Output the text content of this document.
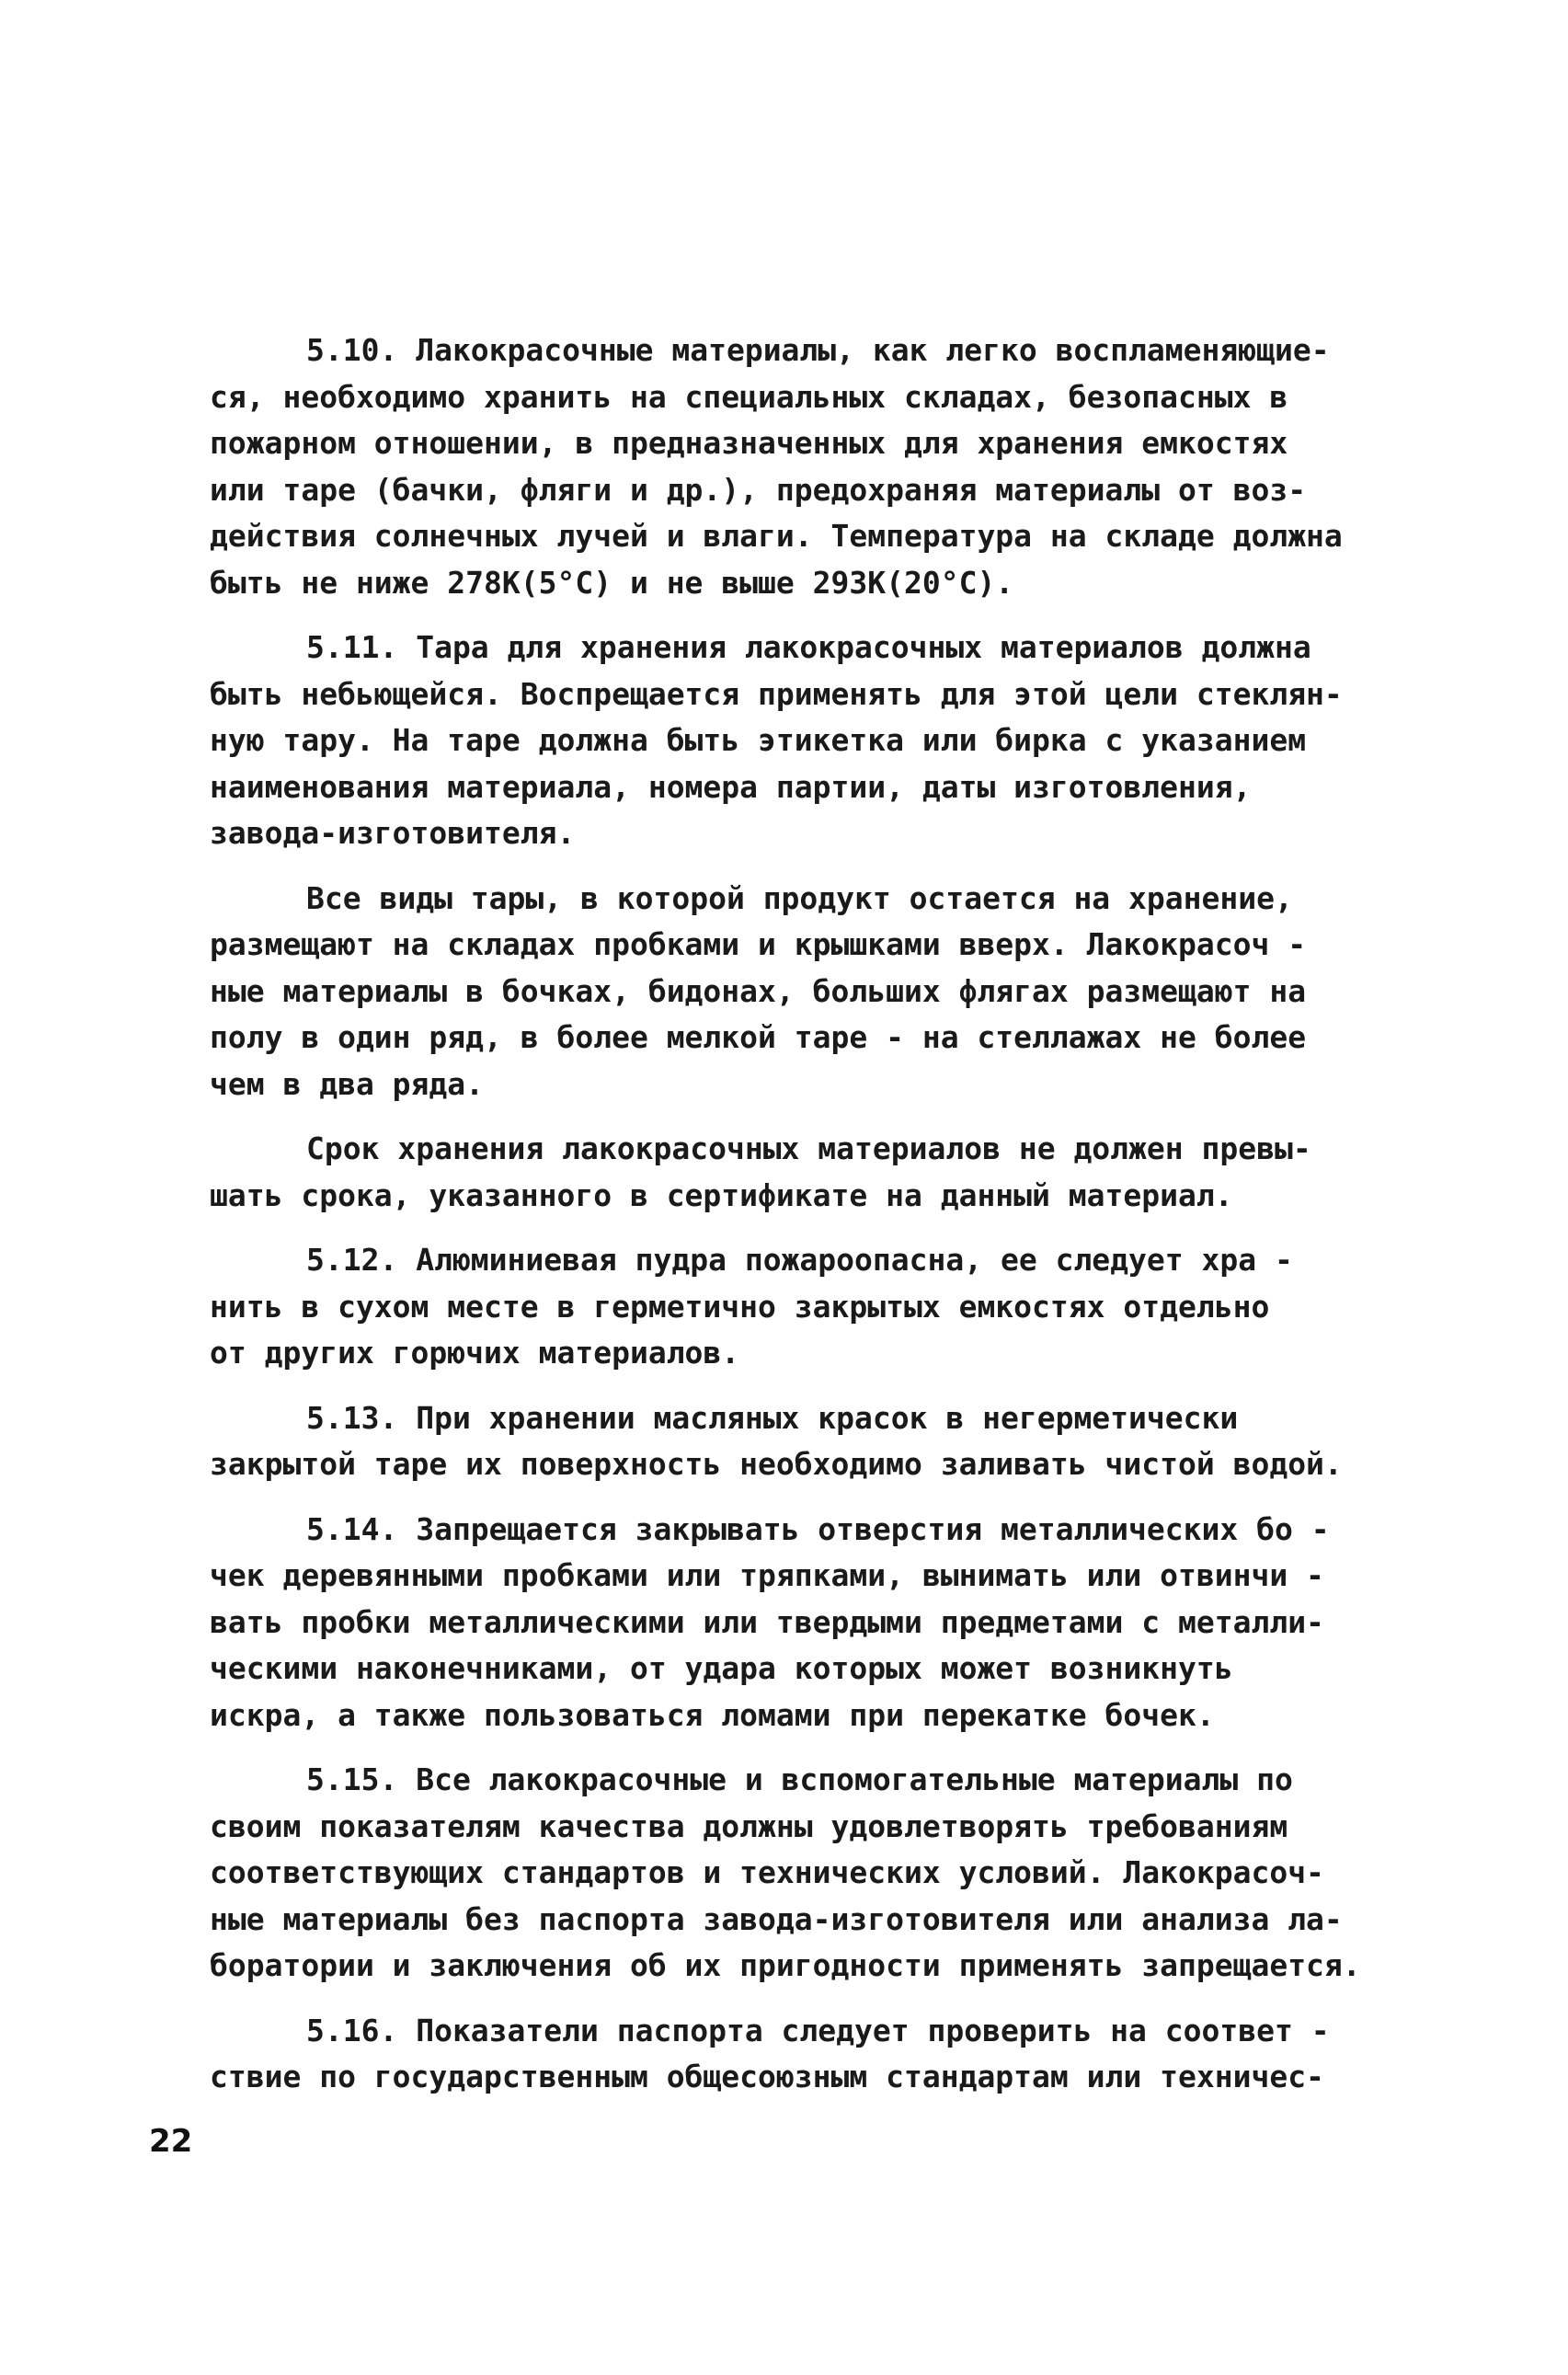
5.10. Лакокрасочные материалы, как легко воспламеняющие-
ся, необходимо хранить на специальных складах, безопасных в
пожарном отношении, в предназначенных для хранения емкостях
или таре (бачки, фляги и др.), предохраняя материалы от воз-
действия солнечных лучей и влаги. Температура на складе должна
быть не ниже 278К(5°С) и не выше 293К(20°С).
5.11. Тара для хранения лакокрасочных материалов должна
быть небьющейся. Воспрещается применять для этой цели стеклян-
ную тару. На таре должна быть этикетка или бирка с указанием
наименования материала, номера партии, даты изготовления,
завода-изготовителя.
Все виды тары, в которой продукт остается на хранение,
размещают на складах пробками и крышками вверх. Лакокрасоч -
ные материалы в бочках, бидонах, больших флягах размещают на
полу в один ряд, в более мелкой таре - на стеллажах не более
чем в два ряда.
Срок хранения лакокрасочных материалов не должен превы-
шать срока, указанного в сертификате на данный материал.
5.12. Алюминиевая пудра пожароопасна, ее следует хра -
нить в сухом месте в герметично закрытых емкостях отдельно
от других горючих материалов.
5.13. При хранении масляных красок в негерметически
закрытой таре их поверхность необходимо заливать чистой водой.
5.14. Запрещается закрывать отверстия металлических бо -
чек деревянными пробками или тряпками, вынимать или отвинчи -
вать пробки металлическими или твердыми предметами с металли-
ческими наконечниками, от удара которых может возникнуть
искра, а также пользоваться ломами при перекатке бочек.
5.15. Все лакокрасочные и вспомогательные материалы по
своим показателям качества должны удовлетворять требованиям
соответствующих стандартов и технических условий. Лакокрасоч-
ные материалы без паспорта завода-изготовителя или анализа ла-
боратории и заключения об их пригодности применять запрещается.
5.16. Показатели паспорта следует проверить на соответ -
ствие по государственным общесоюзным стандартам или техничес-
22
